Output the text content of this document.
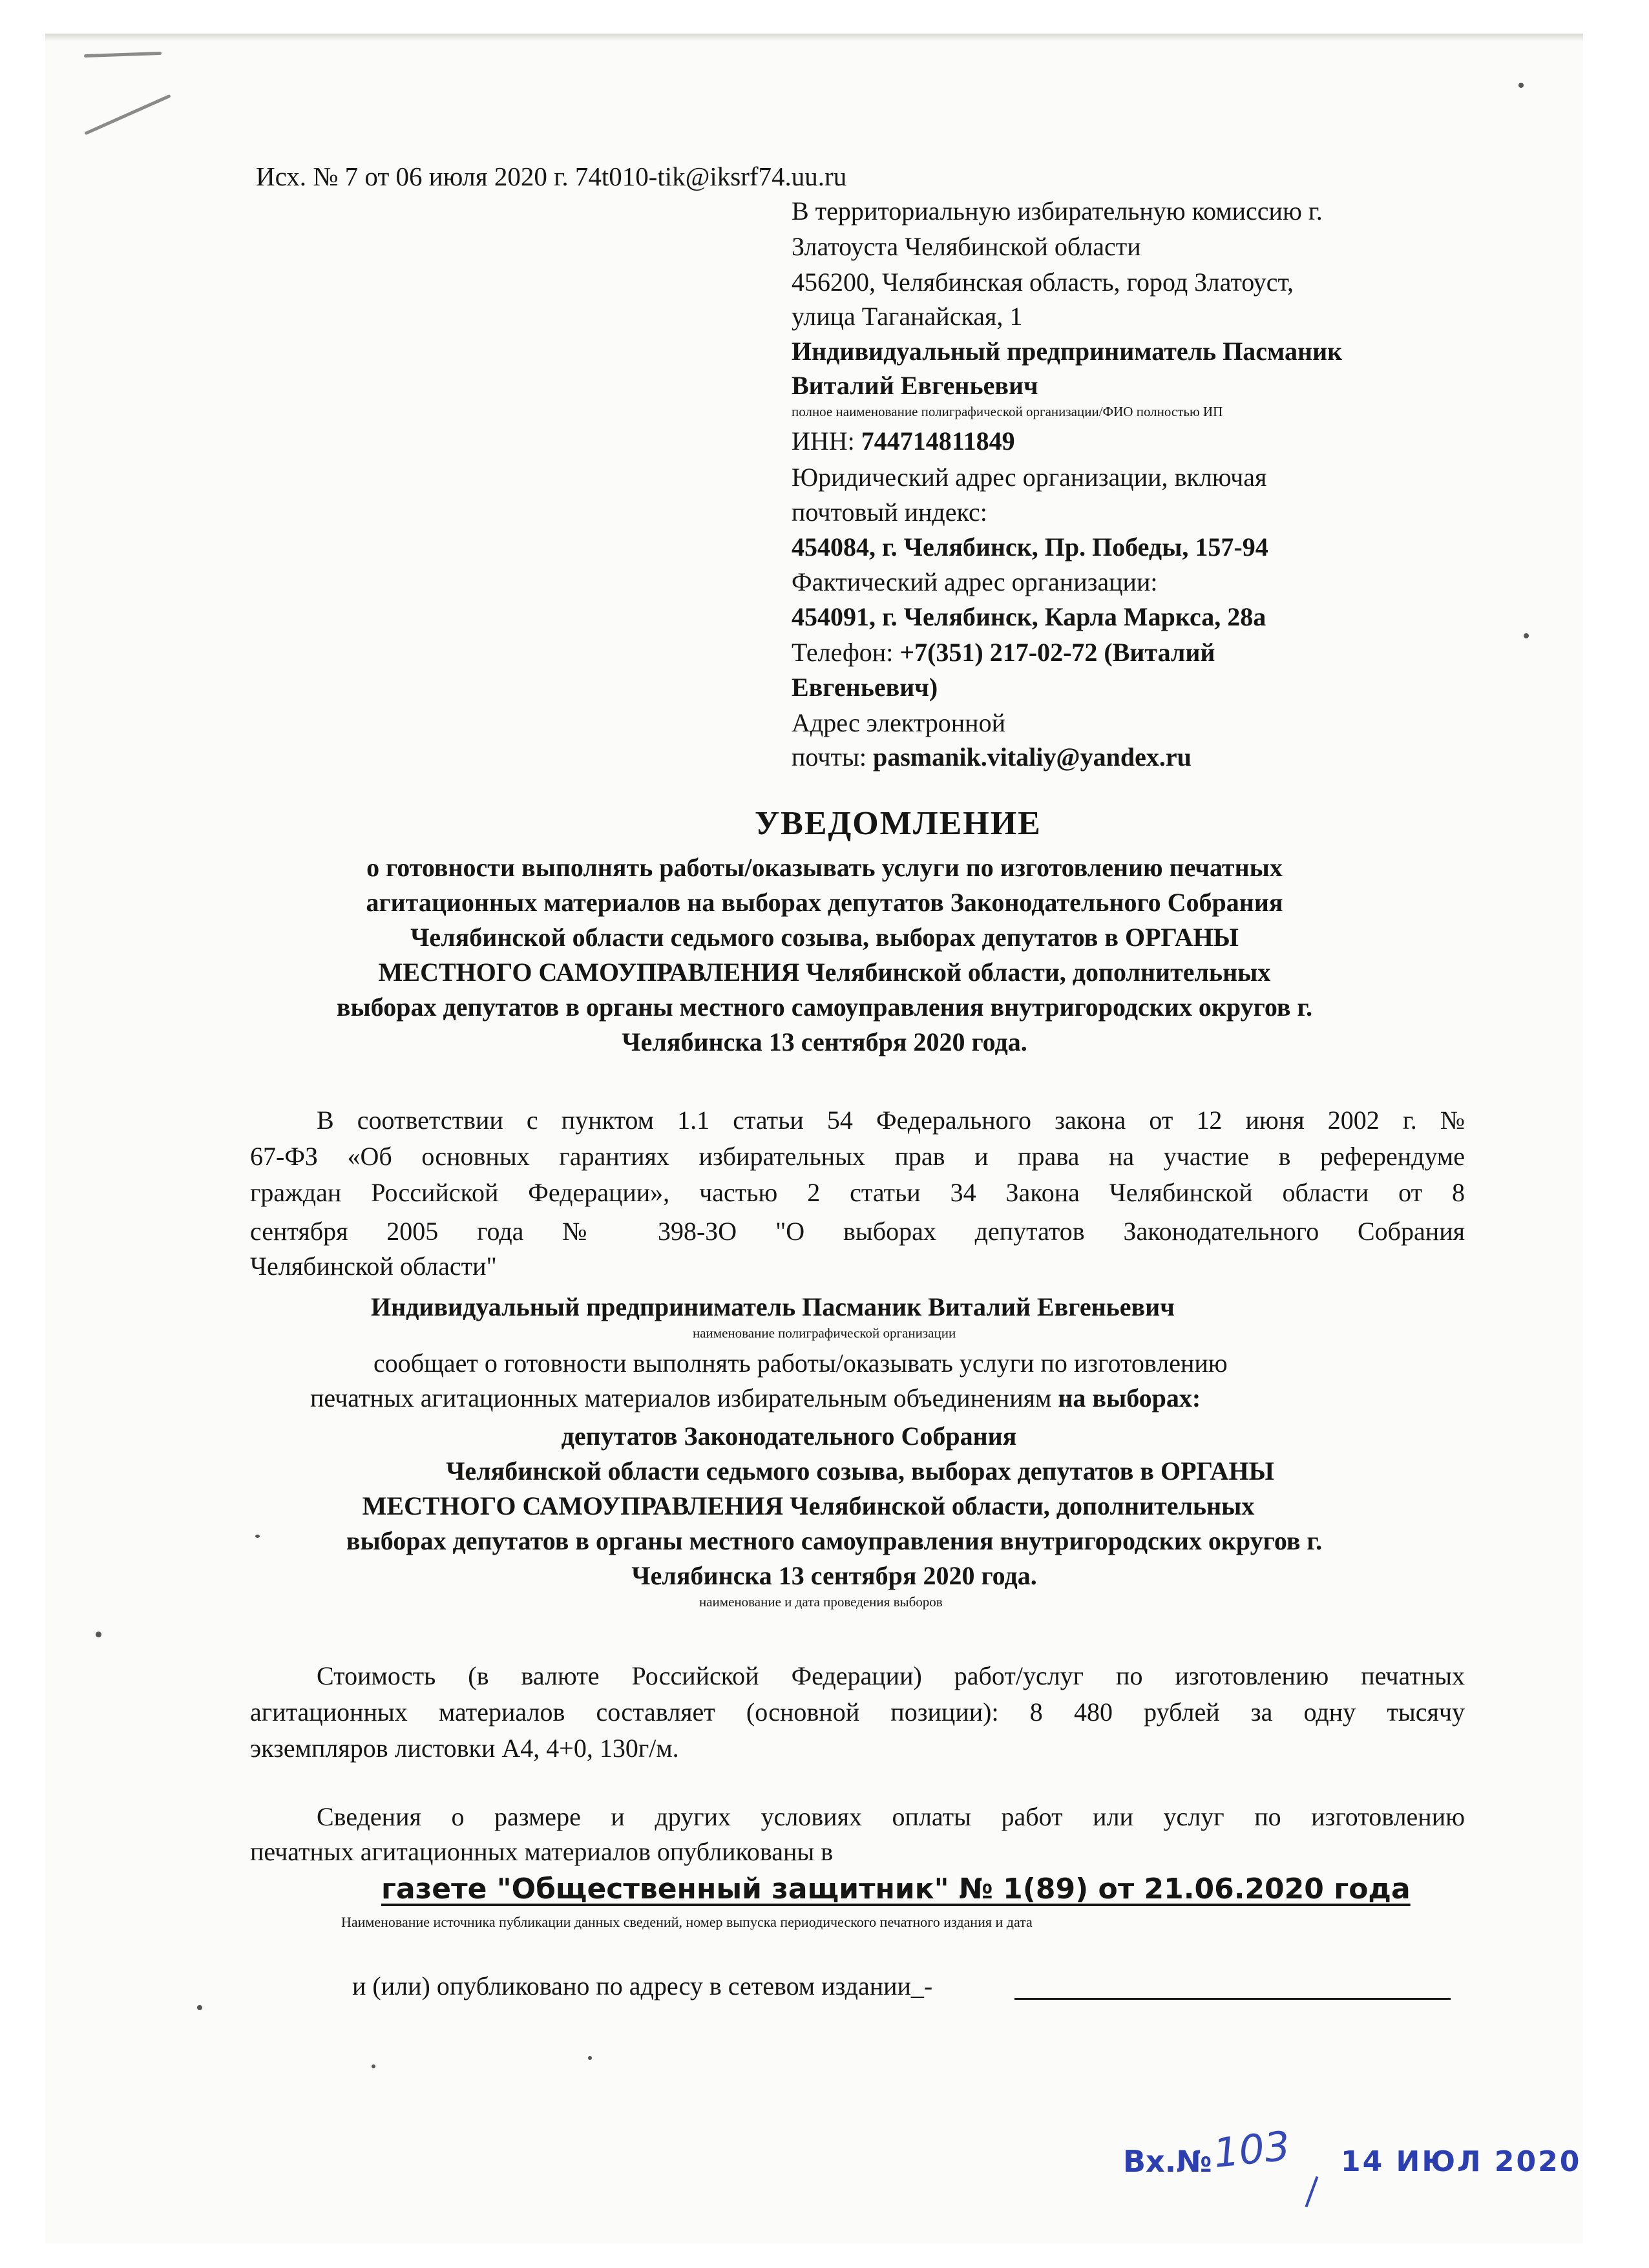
Исх. № 7 от 06 июля 2020 г. 74t010-tik@iksrf74.uu.ru
В территориальную избирательную комиссию г.
Златоуста Челябинской области
456200, Челябинская область, город Златоуст,
улица Таганайская, 1
Индивидуальный предприниматель Пасманик
Виталий Евгеньевич
полное наименование полиграфической организации/ФИО полностью ИП
ИНН: 744714811849
Юридический адрес организации, включая
почтовый индекс:
454084, г. Челябинск, Пр. Победы, 157-94
Фактический адрес организации:
454091, г. Челябинск, Карла Маркса, 28а
Телефон: +7(351) 217-02-72 (Виталий
Евгеньевич)
Адрес электронной
почты: pasmanik.vitaliy@yandex.ru
УВЕДОМЛЕНИЕ
о готовности выполнять работы/оказывать услуги по изготовлению печатных
агитационных материалов на выборах депутатов Законодательного Собрания
Челябинской области седьмого созыва, выборах депутатов в ОРГАНЫ
МЕСТНОГО САМОУПРАВЛЕНИЯ Челябинской области, дополнительных
выборах депутатов в органы местного самоуправления внутригородских округов г.
Челябинска 13 сентября 2020 года.
В соответствии с пунктом 1.1 статьи 54 Федерального закона от 12 июня 2002 г. №
67-ФЗ «Об основных гарантиях избирательных прав и права на участие в референдуме
граждан Российской Федерации», частью 2 статьи 34 Закона Челябинской области от 8
сентября 2005 года № 398-ЗО "О выборах депутатов Законодательного Собрания
Челябинской области"
Индивидуальный предприниматель Пасманик Виталий Евгеньевич
наименование полиграфической организации
сообщает о готовности выполнять работы/оказывать услуги по изготовлению
печатных агитационных материалов избирательным объединениям на выборах:
депутатов Законодательного Собрания
Челябинской области седьмого созыва, выборах депутатов в ОРГАНЫ
МЕСТНОГО САМОУПРАВЛЕНИЯ Челябинской области, дополнительных
выборах депутатов в органы местного самоуправления внутригородских округов г.
Челябинска 13 сентября 2020 года.
наименование и дата проведения выборов
Стоимость (в валюте Российской Федерации) работ/услуг по изготовлению печатных
агитационных материалов составляет (основной позиции): 8 480 рублей за одну тысячу
экземпляров листовки А4, 4+0, 130г/м.
Сведения о размере и других условиях оплаты работ или услуг по изготовлению
печатных агитационных материалов опубликованы в
газете "Общественный защитник" № 1(89) от 21.06.2020 года
Наименование источника публикации данных сведений, номер выпуска периодического печатного издания и дата
и (или) опубликовано по адресу в сетевом издании_-
Вх.№
103 14 ИЮЛ 2020
